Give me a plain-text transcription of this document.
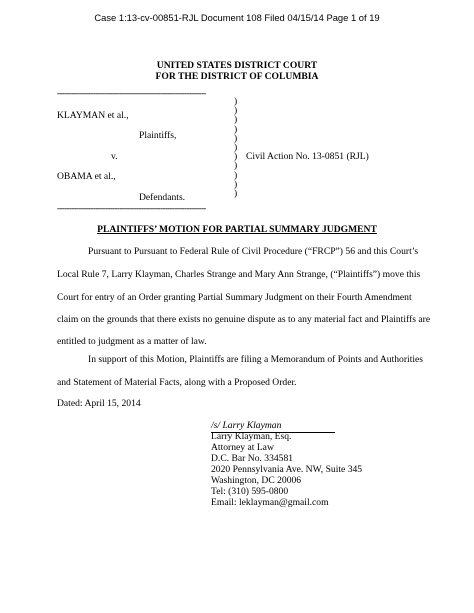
Case 1:13-cv-00851-RJL Document 108 Filed 04/15/14 Page 1 of 19
UNITED STATES DISTRICT COURT
FOR THE DISTRICT OF COLUMBIA
--------------------------------------------------------------
KLAYMAN et al.,
Plaintiffs,
v.
OBAMA et al.,
Defendants.
--------------------------------------------------------------
)
)
)
)
)
)
)
)
)
)
)
Civil Action No. 13-0851 (RJL)
PLAINTIFFS’ MOTION FOR PARTIAL SUMMARY JUDGMENT
Pursuant to Pursuant to Federal Rule of Civil Procedure (“FRCP”) 56 and this Court’s
Local Rule 7, Larry Klayman, Charles Strange and Mary Ann Strange, (“Plaintiffs”) move this
Court for entry of an Order granting Partial Summary Judgment on their Fourth Amendment
claim on the grounds that there exists no genuine dispute as to any material fact and Plaintiffs are
entitled to judgment as a matter of law.
In support of this Motion, Plaintiffs are filing a Memorandum of Points and Authorities
and Statement of Material Facts, along with a Proposed Order.
Dated: April 15, 2014
/s/ Larry Klayman
Larry Klayman, Esq.
Attorney at Law
D.C. Bar No. 334581
2020 Pennsylvania Ave. NW, Suite 345
Washington, DC 20006
Tel: (310) 595-0800
Email: leklayman@gmail.com
